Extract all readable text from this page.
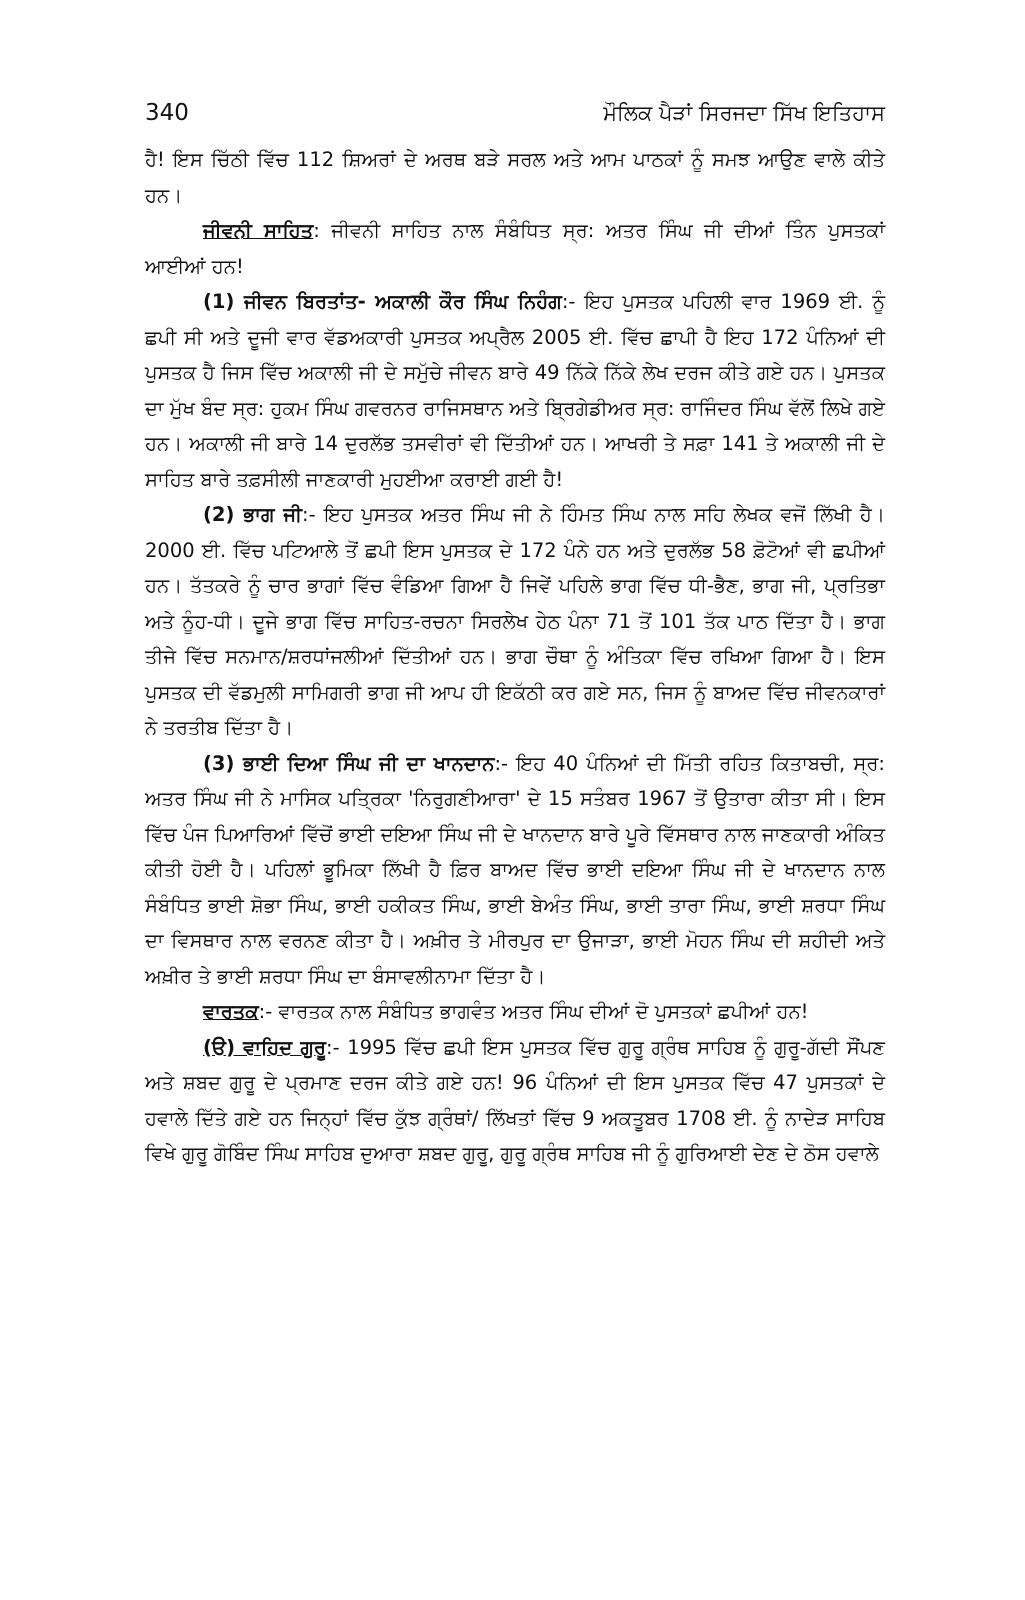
340	ਮੌਲਿਕ ਪੈੜਾਂ ਸਿਰਜਦਾ ਸਿੱਖ ਇਤਿਹਾਸ

ਹੈ! ਇਸ ਚਿੱਠੀ ਵਿੱਚ 112 ਸ਼ਿਅਰਾਂ ਦੇ ਅਰਥ ਬੜੇ ਸਰਲ ਅਤੇ ਆਮ ਪਾਠਕਾਂ ਨੂੰ ਸਮਝ ਆਉਣ ਵਾਲੇ ਕੀਤੇ ਹਨ।

ਜੀਵਨੀ ਸਾਹਿਤ: ਜੀਵਨੀ ਸਾਹਿਤ ਨਾਲ ਸੰਬੰਧਿਤ ਸ੍ਰ: ਅਤਰ ਸਿੰਘ ਜੀ ਦੀਆਂ ਤਿੰਨ ਪੁਸਤਕਾਂ ਆਈਆਂ ਹਨ!

(1) ਜੀਵਨ ਬਿਰਤਾਂਤ- ਅਕਾਲੀ ਕੌਰ ਸਿੰਘ ਨਿਹੰਗ:- ਇਹ ਪੁਸਤਕ ਪਹਿਲੀ ਵਾਰ 1969 ਈ. ਨੂੰ ਛਪੀ ਸੀ ਅਤੇ ਦੂਜੀ ਵਾਰ ਵੱਡਅਕਾਰੀ ਪੁਸਤਕ ਅਪ੍ਰੈਲ 2005 ਈ. ਵਿੱਚ ਛਾਪੀ ਹੈ ਇਹ 172 ਪੰਨਿਆਂ ਦੀ ਪੁਸਤਕ ਹੈ ਜਿਸ ਵਿੱਚ ਅਕਾਲੀ ਜੀ ਦੇ ਸਮੁੱਚੇ ਜੀਵਨ ਬਾਰੇ 49 ਨਿੱਕੇ ਨਿੱਕੇ ਲੇਖ ਦਰਜ ਕੀਤੇ ਗਏ ਹਨ। ਪੁਸਤਕ ਦਾ ਮੁੱਖ ਬੰਦ ਸ੍ਰ: ਹੁਕਮ ਸਿੰਘ ਗਵਰਨਰ ਰਾਜਿਸਥਾਨ ਅਤੇ ਬ੍ਰਿਗੇਡੀਅਰ ਸ੍ਰ: ਰਾਜਿੰਦਰ ਸਿੰਘ ਵੱਲੋਂ ਲਿਖੇ ਗਏ ਹਨ। ਅਕਾਲੀ ਜੀ ਬਾਰੇ 14 ਦੁਰਲੱਭ ਤਸਵੀਰਾਂ ਵੀ ਦਿੱਤੀਆਂ ਹਨ। ਆਖਰੀ ਤੇ ਸਫ਼ਾ 141 ਤੇ ਅਕਾਲੀ ਜੀ ਦੇ ਸਾਹਿਤ ਬਾਰੇ ਤਫ਼ਸੀਲੀ ਜਾਣਕਾਰੀ ਮੁਹਈਆ ਕਰਾਈ ਗਈ ਹੈ!

(2) ਭਾਗ ਜੀ:- ਇਹ ਪੁਸਤਕ ਅਤਰ ਸਿੰਘ ਜੀ ਨੇ ਹਿੰਮਤ ਸਿੰਘ ਨਾਲ ਸਹਿ ਲੇਖਕ ਵਜੋਂ ਲਿੱਖੀ ਹੈ। 2000 ਈ. ਵਿੱਚ ਪਟਿਆਲੇ ਤੋਂ ਛਪੀ ਇਸ ਪੁਸਤਕ ਦੇ 172 ਪੰਨੇ ਹਨ ਅਤੇ ਦੁਰਲੱਭ 58 ਫ਼ੋਟੋਆਂ ਵੀ ਛਪੀਆਂ ਹਨ। ਤੱਤਕਰੇ ਨੂੰ ਚਾਰ ਭਾਗਾਂ ਵਿੱਚ ਵੰਡਿਆ ਗਿਆ ਹੈ ਜਿਵੇਂ ਪਹਿਲੇ ਭਾਗ ਵਿੱਚ ਧੀ-ਭੈਣ, ਭਾਗ ਜੀ, ਪ੍ਰਤਿਭਾ ਅਤੇ ਨੂੰਹ-ਧੀ। ਦੂਜੇ ਭਾਗ ਵਿੱਚ ਸਾਹਿਤ-ਰਚਨਾ ਸਿਰਲੇਖ ਹੇਠ ਪੰਨਾ 71 ਤੋਂ 101 ਤੱਕ ਪਾਠ ਦਿੱਤਾ ਹੈ। ਭਾਗ ਤੀਜੇ ਵਿੱਚ ਸਨਮਾਨ/ਸ਼ਰਧਾਂਜਲੀਆਂ ਦਿੱਤੀਆਂ ਹਨ। ਭਾਗ ਚੌਥਾ ਨੂੰ ਅੰਤਿਕਾ ਵਿੱਚ ਰਖਿਆ ਗਿਆ ਹੈ। ਇਸ ਪੁਸਤਕ ਦੀ ਵੱਡਮੁਲੀ ਸਾਮਿਗਰੀ ਭਾਗ ਜੀ ਆਪ ਹੀ ਇਕੱਠੀ ਕਰ ਗਏ ਸਨ, ਜਿਸ ਨੂੰ ਬਾਅਦ ਵਿੱਚ ਜੀਵਨਕਾਰਾਂ ਨੇ ਤਰਤੀਬ ਦਿੱਤਾ ਹੈ।

(3) ਭਾਈ ਦਿਆ ਸਿੰਘ ਜੀ ਦਾ ਖਾਨਦਾਨ:- ਇਹ 40 ਪੰਨਿਆਂ ਦੀ ਮਿੱਤੀ ਰਹਿਤ ਕਿਤਾਬਚੀ, ਸ੍ਰ: ਅਤਰ ਸਿੰਘ ਜੀ ਨੇ ਮਾਸਿਕ ਪਤ੍ਰਿਕਾ 'ਨਿਰੁਗਣੀਆਰਾ' ਦੇ 15 ਸਤੰਬਰ 1967 ਤੋਂ ਉਤਾਰਾ ਕੀਤਾ ਸੀ। ਇਸ ਵਿੱਚ ਪੰਜ ਪਿਆਰਿਆਂ ਵਿੱਚੋਂ ਭਾਈ ਦਇਆ ਸਿੰਘ ਜੀ ਦੇ ਖਾਨਦਾਨ ਬਾਰੇ ਪੂਰੇ ਵਿੱਸਥਾਰ ਨਾਲ ਜਾਣਕਾਰੀ ਅੰਕਿਤ ਕੀਤੀ ਹੋਈ ਹੈ। ਪਹਿਲਾਂ ਭੂਮਿਕਾ ਲਿੱਖੀ ਹੈ ਫ਼ਿਰ ਬਾਅਦ ਵਿੱਚ ਭਾਈ ਦਇਆ ਸਿੰਘ ਜੀ ਦੇ ਖਾਨਦਾਨ ਨਾਲ ਸੰਬੰਧਿਤ ਭਾਈ ਸ਼ੋਭਾ ਸਿੰਘ, ਭਾਈ ਹਕੀਕਤ ਸਿੰਘ, ਭਾਈ ਬੇਅੰਤ ਸਿੰਘ, ਭਾਈ ਤਾਰਾ ਸਿੰਘ, ਭਾਈ ਸ਼ਰਧਾ ਸਿੰਘ ਦਾ ਵਿਸਥਾਰ ਨਾਲ ਵਰਨਣ ਕੀਤਾ ਹੈ। ਅਖ਼ੀਰ ਤੇ ਮੀਰਪੁਰ ਦਾ ਉਜਾੜਾ, ਭਾਈ ਮੋਹਨ ਸਿੰਘ ਦੀ ਸ਼ਹੀਦੀ ਅਤੇ ਅਖ਼ੀਰ ਤੇ ਭਾਈ ਸ਼ਰਧਾ ਸਿੰਘ ਦਾ ਬੰਸਾਵਲੀਨਾਮਾ ਦਿੱਤਾ ਹੈ।

ਵਾਰਤਕ:- ਵਾਰਤਕ ਨਾਲ ਸੰਬੰਧਿਤ ਭਾਗਵੰਤ ਅਤਰ ਸਿੰਘ ਦੀਆਂ ਦੋ ਪੁਸਤਕਾਂ ਛਪੀਆਂ ਹਨ!

(ੳ) ਵਾਹਿਦ ਗੁਰੂ:- 1995 ਵਿੱਚ ਛਪੀ ਇਸ ਪੁਸਤਕ ਵਿੱਚ ਗੁਰੂ ਗ੍ਰੰਥ ਸਾਹਿਬ ਨੂੰ ਗੁਰੂ-ਗੱਦੀ ਸੌਂਪਣ ਅਤੇ ਸ਼ਬਦ ਗੁਰੂ ਦੇ ਪ੍ਰਮਾਣ ਦਰਜ ਕੀਤੇ ਗਏ ਹਨ! 96 ਪੰਨਿਆਂ ਦੀ ਇਸ ਪੁਸਤਕ ਵਿੱਚ 47 ਪੁਸਤਕਾਂ ਦੇ ਹਵਾਲੇ ਦਿੱਤੇ ਗਏ ਹਨ ਜਿਨ੍ਹਾਂ ਵਿੱਚ ਕੁੱਝ ਗ੍ਰੰਥਾਂ/ ਲਿੱਖਤਾਂ ਵਿੱਚ 9 ਅਕਤੂਬਰ 1708 ਈ. ਨੂੰ ਨਾਦੇੜ ਸਾਹਿਬ ਵਿਖੇ ਗੁਰੂ ਗੋਬਿੰਦ ਸਿੰਘ ਸਾਹਿਬ ਦੁਆਰਾ ਸ਼ਬਦ ਗੁਰੂ, ਗੁਰੂ ਗ੍ਰੰਥ ਸਾਹਿਬ ਜੀ ਨੂੰ ਗੁਰਿਆਈ ਦੇਣ ਦੇ ਠੋਸ ਹਵਾਲੇ
